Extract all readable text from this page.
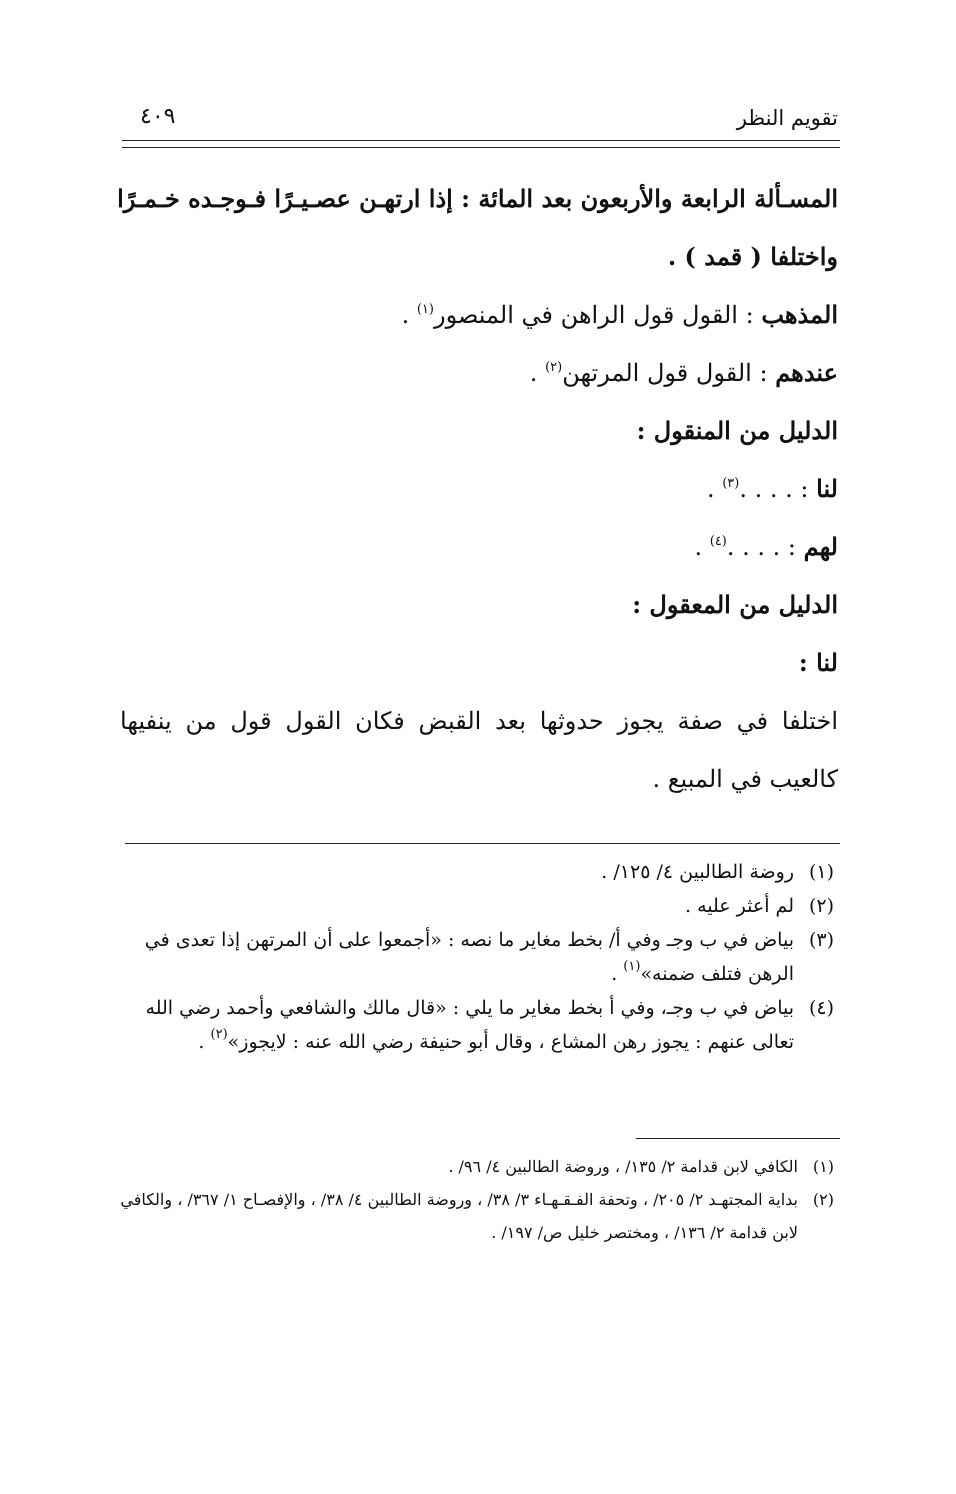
تقويم النظر
٤٠٩
المسـألة الرابعة والأربعون بعد المائة : إذا ارتهـن عصـيـرًا فـوجـده خـمـرًا
واختلفا ( قمد ) .
المذهب : القول قول الراهن في المنصور$^{(١)}$ .
عندهم : القول قول المرتهن$^{(٢)}$ .
الدليل من المنقول :
لنا : . . . .$^{(٣)}$ .
لهم : . . . .$^{(٤)}$ .
الدليل من المعقول :
لنا :
اختلفا في صفة يجوز حدوثها بعد القبض فكان القول قول من ينفيها
كالعيب في المبيع .
(١)
روضة الطالبين ٤/ ١٢٥/ .
(٢)
لم أعثر عليه .
(٣)
بياض في ب وجـ وفي أ/ بخط مغاير ما نصه : «أجمعوا على أن المرتهن إذا تعدى في الرهن فتلف ضمنه»$^{(١)}$ .
(٤)
بياض في ب وجـ، وفي أ بخط مغاير ما يلي : «قال مالك والشافعي وأحمد رضي الله تعالى عنهم : يجوز رهن المشاع ، وقال أبو حنيفة رضي الله عنه : لايجوز»$^{(٢)}$ .
(١)
الكافي لابن قدامة ٢/ ١٣٥/ ، وروضة الطالبين ٤/ ٩٦/ .
(٢)
بداية المجتهـد ٢/ ٢٠٥/ ، وتحفة الفـقـهـاء ٣/ ٣٨/ ، وروضة الطالبين ٤/ ٣٨/ ، والإفصـاح ١/ ٣٦٧/ ، والكافي لابن قدامة ٢/ ١٣٦/ ، ومختصر خليل ص/ ١٩٧/ .
